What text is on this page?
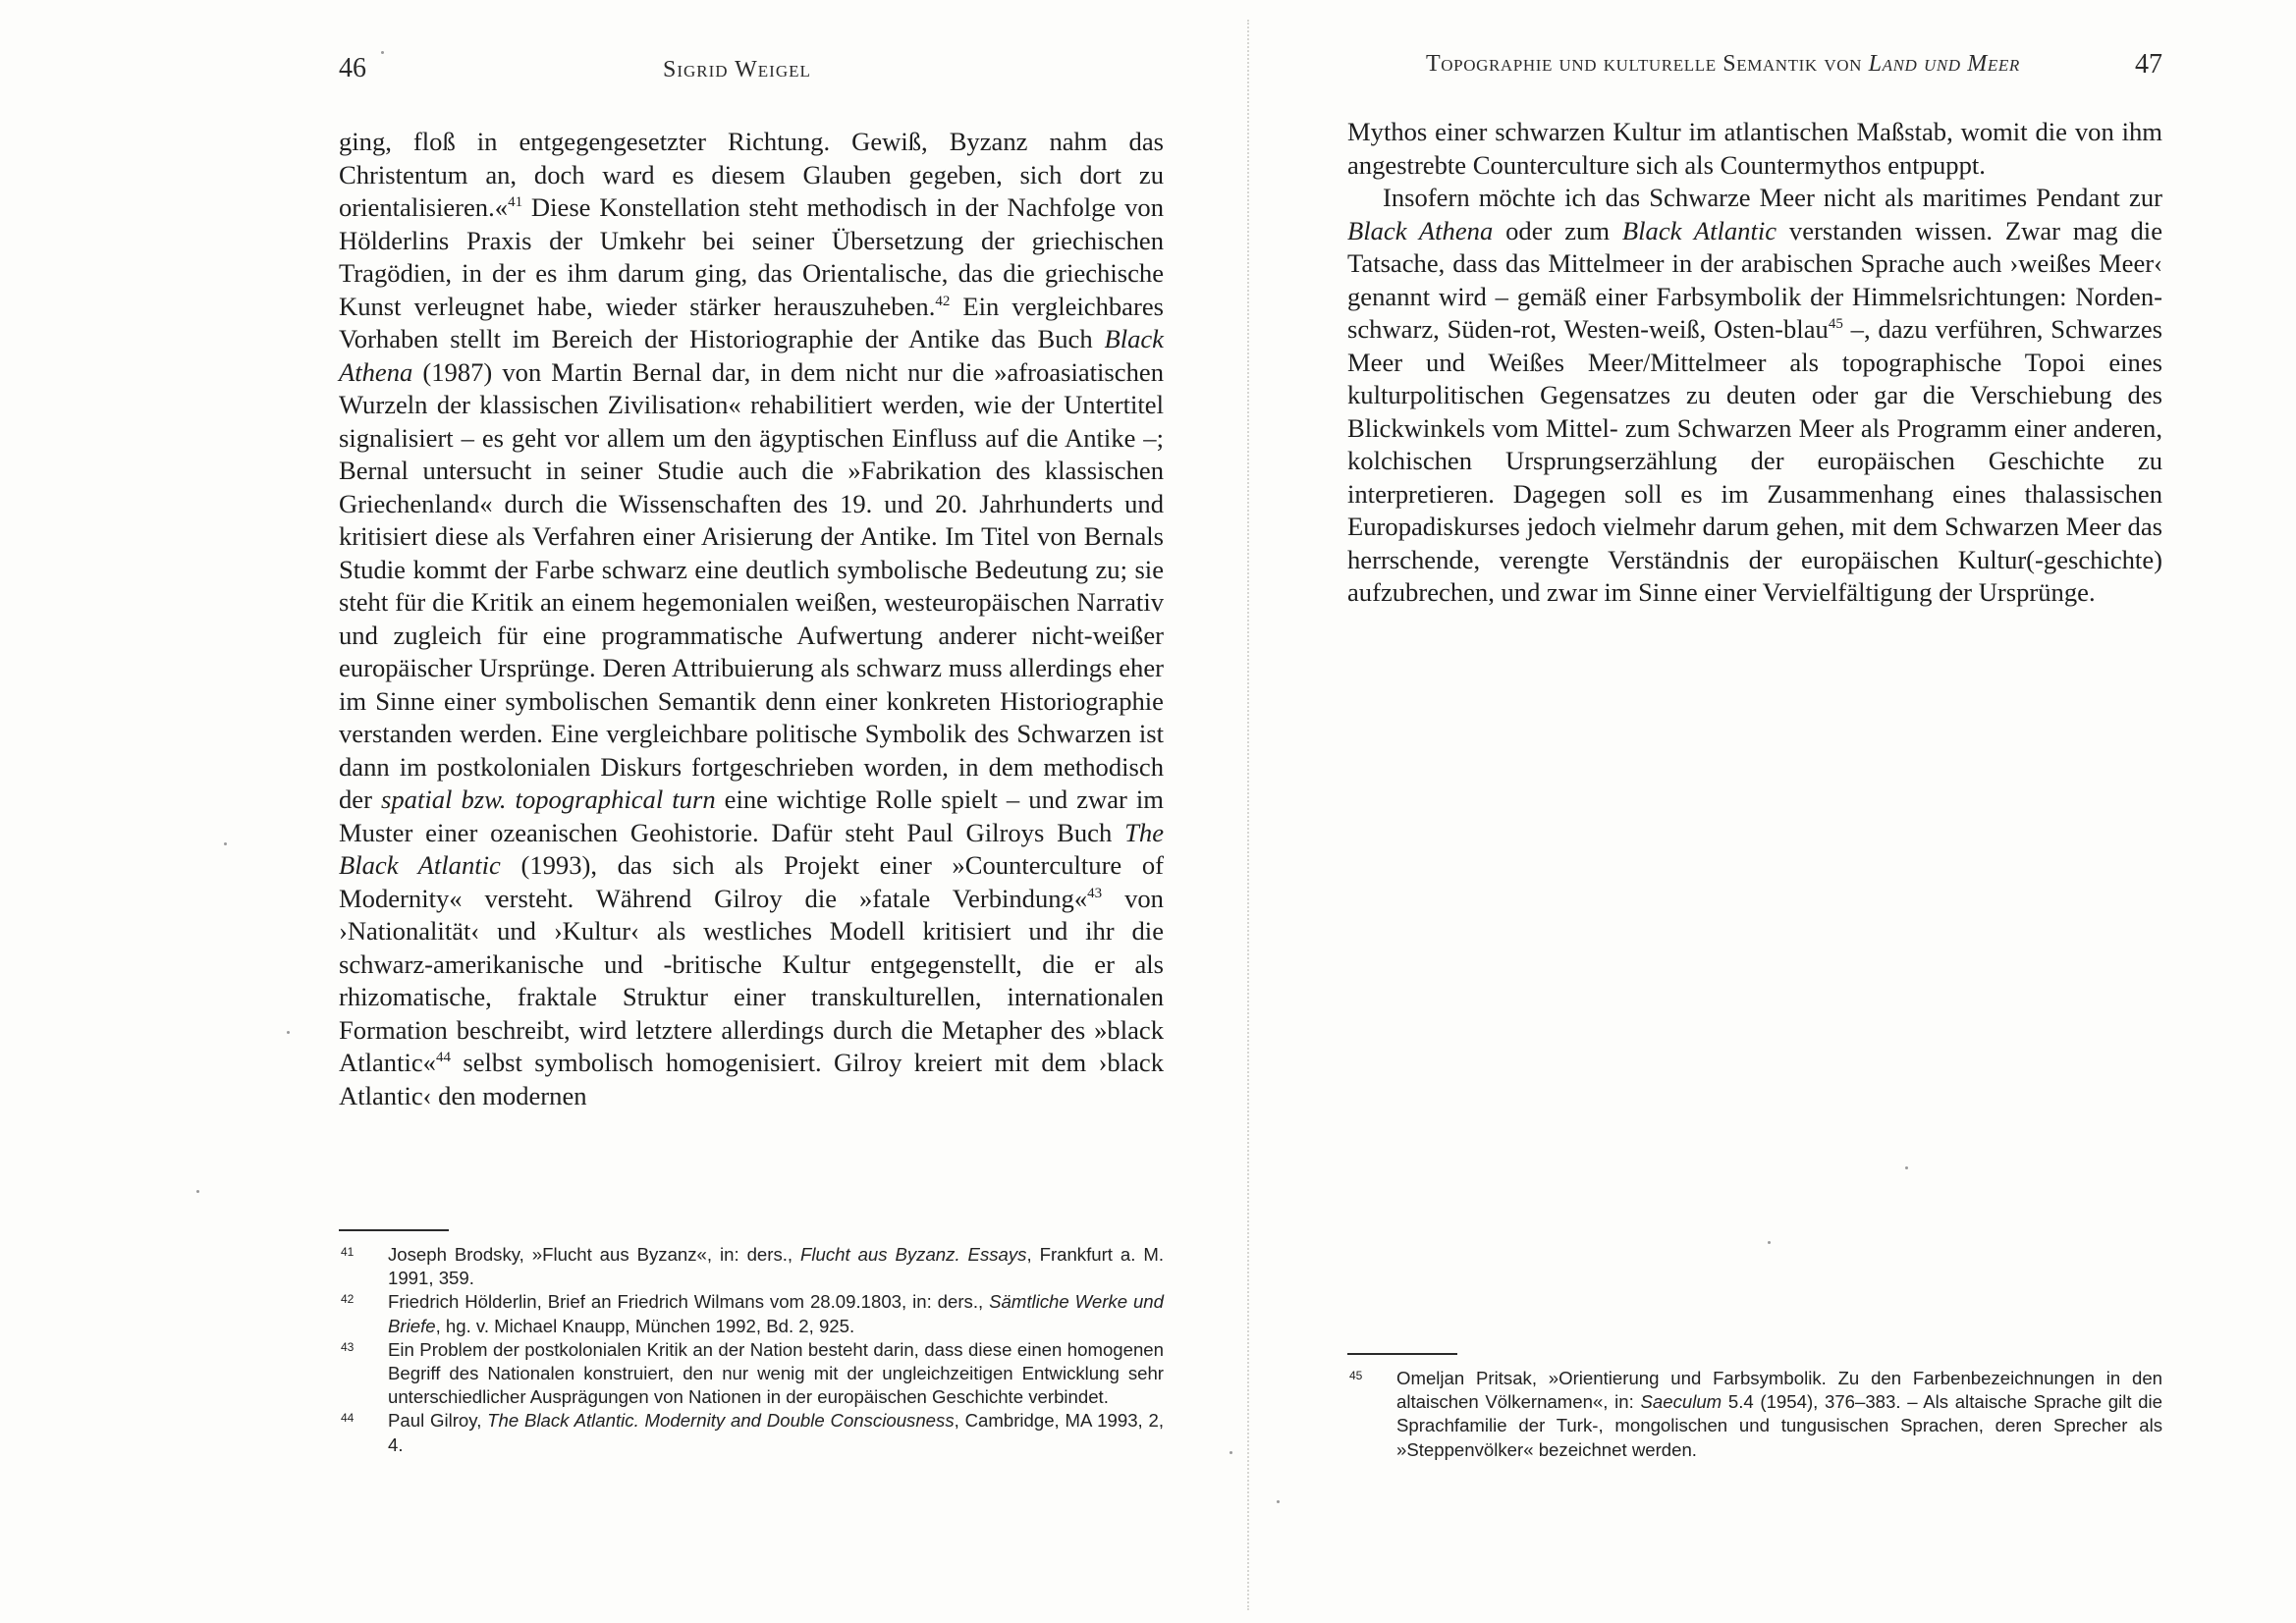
46	Sigrid Weigel

ging, floß in entgegengesetzter Richtung. Gewiß, Byzanz nahm das Christentum an, doch ward es diesem Glauben gegeben, sich dort zu orientalisieren.«$^{41}$ Diese Konstellation steht methodisch in der Nachfolge von Hölderlins Praxis der Umkehr bei seiner Übersetzung der griechischen Tragödien, in der es ihm darum ging, das Orientalische, das die griechische Kunst verleugnet habe, wieder stärker herauszuheben.$^{42}$ Ein vergleichbares Vorhaben stellt im Bereich der Historiographie der Antike das Buch Black Athena (1987) von Martin Bernal dar, in dem nicht nur die »afroasiatischen Wurzeln der klassischen Zivilisation« rehabilitiert werden, wie der Untertitel signalisiert – es geht vor allem um den ägyptischen Einfluss auf die Antike –; Bernal untersucht in seiner Studie auch die »Fabrikation des klassischen Griechenland« durch die Wissenschaften des 19. und 20. Jahrhunderts und kritisiert diese als Verfahren einer Arisierung der Antike. Im Titel von Bernals Studie kommt der Farbe schwarz eine deutlich symbolische Bedeutung zu; sie steht für die Kritik an einem hegemonialen weißen, westeuropäischen Narrativ und zugleich für eine programmatische Aufwertung anderer nicht-weißer europäischer Ursprünge. Deren Attribuierung als schwarz muss allerdings eher im Sinne einer symbolischen Semantik denn einer konkreten Historiographie verstanden werden. Eine vergleichbare politische Symbolik des Schwarzen ist dann im postkolonialen Diskurs fortgeschrieben worden, in dem methodisch der spatial bzw. topographical turn eine wichtige Rolle spielt – und zwar im Muster einer ozeanischen Geohistorie. Dafür steht Paul Gilroys Buch The Black Atlantic (1993), das sich als Projekt einer »Counterculture of Modernity« versteht. Während Gilroy die »fatale Verbindung«$^{43}$ von ›Nationalität‹ und ›Kultur‹ als westliches Modell kritisiert und ihr die schwarz-amerikanische und -britische Kultur entgegenstellt, die er als rhizomatische, fraktale Struktur einer transkulturellen, internationalen Formation beschreibt, wird letztere allerdings durch die Metapher des »black Atlantic«$^{44}$ selbst symbolisch homogenisiert. Gilroy kreiert mit dem ›black Atlantic‹ den modernen

41 Joseph Brodsky, »Flucht aus Byzanz«, in: ders., Flucht aus Byzanz. Essays, Frankfurt a. M. 1991, 359.
42 Friedrich Hölderlin, Brief an Friedrich Wilmans vom 28.09.1803, in: ders., Sämtliche Werke und Briefe, hg. v. Michael Knaupp, München 1992, Bd. 2, 925.
43 Ein Problem der postkolonialen Kritik an der Nation besteht darin, dass diese einen homogenen Begriff des Nationalen konstruiert, den nur wenig mit der ungleichzeitigen Entwicklung sehr unterschiedlicher Ausprägungen von Nationen in der europäischen Geschichte verbindet.
44 Paul Gilroy, The Black Atlantic. Modernity and Double Consciousness, Cambridge, MA 1993, 2, 4.
Topographie und kulturelle Semantik von Land und Meer	47

Mythos einer schwarzen Kultur im atlantischen Maßstab, womit die von ihm angestrebte Counterculture sich als Countermythos entpuppt.

Insofern möchte ich das Schwarze Meer nicht als maritimes Pendant zur Black Athena oder zum Black Atlantic verstanden wissen. Zwar mag die Tatsache, dass das Mittelmeer in der arabischen Sprache auch ›weißes Meer‹ genannt wird – gemäß einer Farbsymbolik der Himmelsrichtungen: Norden-schwarz, Süden-rot, Westen-weiß, Osten-blau$^{45}$ –, dazu verführen, Schwarzes Meer und Weißes Meer/Mittelmeer als topographische Topoi eines kulturpolitischen Gegensatzes zu deuten oder gar die Verschiebung des Blickwinkels vom Mittel- zum Schwarzen Meer als Programm einer anderen, kolchischen Ursprungserzählung der europäischen Geschichte zu interpretieren. Dagegen soll es im Zusammenhang eines thalassischen Europadiskurses jedoch vielmehr darum gehen, mit dem Schwarzen Meer das herrschende, verengte Verständnis der europäischen Kultur(-geschichte) aufzubrechen, und zwar im Sinne einer Vervielfältigung der Ursprünge.

45 Omeljan Pritsak, »Orientierung und Farbsymbolik. Zu den Farbenbezeichnungen in den altaischen Völkernamen«, in: Saeculum 5.4 (1954), 376–383. – Als altaische Sprache gilt die Sprachfamilie der Turk-, mongolischen und tungusischen Sprachen, deren Sprecher als »Steppenvölker« bezeichnet werden.
